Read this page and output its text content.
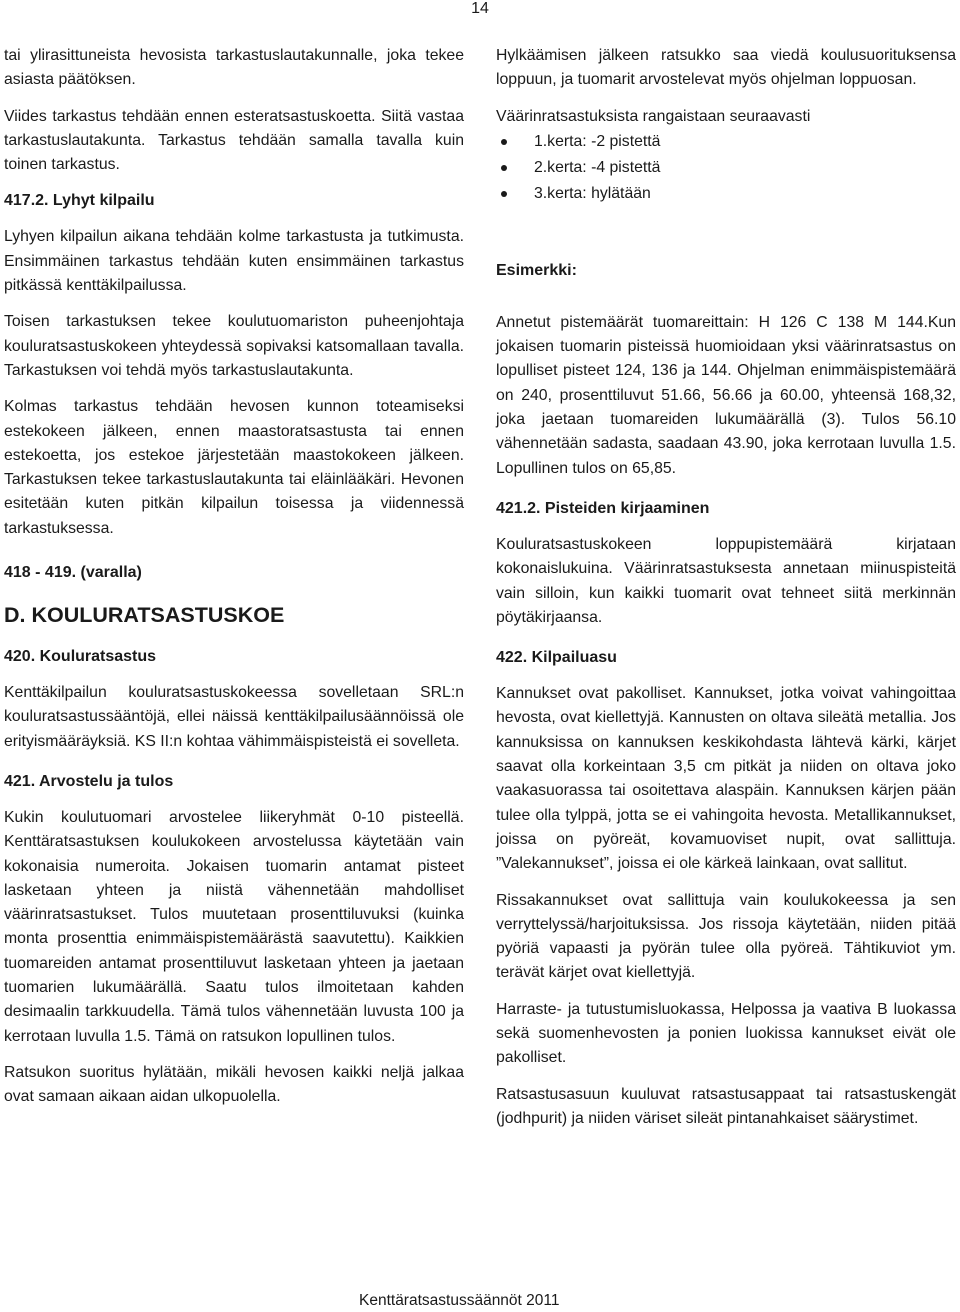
14

tai ylirasittuneista hevosista tarkastuslautakunnalle, joka tekee asiasta päätöksen.

Viides tarkastus tehdään ennen esteratsastuskoetta. Siitä vastaa tarkastuslautakunta. Tarkastus tehdään samalla tavalla kuin toinen tarkastus.

417.2. Lyhyt kilpailu

Lyhyen kilpailun aikana tehdään kolme tarkastusta ja tutkimusta. Ensimmäinen tarkastus tehdään kuten ensimmäinen tarkastus pitkässä kenttäkilpailussa.

Toisen tarkastuksen tekee koulutuomariston puheenjohtaja kouluratsastuskokeen yhteydessä sopivaksi katsomallaan tavalla. Tarkastuksen voi tehdä myös tarkastuslautakunta.

Kolmas tarkastus tehdään hevosen kunnon toteamiseksi estekokeen jälkeen, ennen maastoratsastusta tai ennen estekoetta, jos estekoe järjestetään maastokokeen jälkeen. Tarkastuksen tekee tarkastuslautakunta tai eläinlääkäri. Hevonen esitetään kuten pitkän kilpailun toisessa ja viidennessä tarkastuksessa.

418 - 419. (varalla)
D. KOULURATSASTUSKOE
420. Kouluratsastus

Kenttäkilpailun kouluratsastuskokeessa sovelletaan SRL:n kouluratsastussääntöjä, ellei näissä kenttäkilpailusäännöissä ole erityismääräyksiä. KS II:n kohtaa vähimmäispisteistä ei sovelleta.

421. Arvostelu ja tulos

Kukin koulutuomari arvostelee liikeryhmät 0-10 pisteellä. Kenttäratsastuksen koulukokeen arvostelussa käytetään vain kokonaisia numeroita. Jokaisen tuomarin antamat pisteet lasketaan yhteen ja niistä vähennetään mahdolliset väärinratsastukset. Tulos muutetaan prosenttiluvuksi (kuinka monta prosenttia enimmäispistemäärästä saavutettu). Kaikkien tuomareiden antamat prosenttiluvut lasketaan yhteen ja jaetaan tuomarien lukumäärällä. Saatu tulos ilmoitetaan kahden desimaalin tarkkuudella. Tämä tulos vähennetään luvusta 100 ja kerrotaan luvulla 1.5. Tämä on ratsukon lopullinen tulos.

Ratsukon suoritus hylätään, mikäli hevosen kaikki neljä jalkaa ovat samaan aikaan aidan ulkopuolella.

Hylkäämisen jälkeen ratsukko saa viedä koulusuorituksensa loppuun, ja tuomarit arvostelevat myös ohjelman loppuosan.

Väärinratsastuksista rangaistaan seuraavasti

1.kerta: -2 pistettä
2.kerta: -4 pistettä
3.kerta: hylätään
Esimerkki:

Annetut pistemäärät tuomareittain: H 126 C 138 M 144.Kun jokaisen tuomarin pisteissä huomioidaan yksi väärinratsastus on lopulliset pisteet 124, 136 ja 144. Ohjelman enimmäispistemäärä on 240, prosenttiluvut 51.66, 56.66 ja 60.00, yhteensä 168,32, joka jaetaan tuomareiden lukumäärällä (3). Tulos 56.10 vähennetään sadasta, saadaan 43.90, joka kerrotaan luvulla 1.5. Lopullinen tulos on 65,85.

421.2. Pisteiden kirjaaminen

Kouluratsastuskokeen loppupistemäärä kirjataan kokonaislukuina. Väärinratsastuksesta annetaan miinuspisteitä vain silloin, kun kaikki tuomarit ovat tehneet siitä merkinnän pöytäkirjaansa.

422. Kilpailuasu

Kannukset ovat pakolliset. Kannukset, jotka voivat vahingoittaa hevosta, ovat kiellettyjä. Kannusten on oltava sileätä metallia. Jos kannuksissa on kannuksen keskikohdasta lähtevä kärki, kärjet saavat olla korkeintaan 3,5 cm pitkät ja niiden on oltava joko vaakasuorassa tai osoitettava alaspäin. Kannuksen kärjen pään tulee olla tylppä, jotta se ei vahingoita hevosta. Metallikannukset, joissa on pyöreät, kovamuoviset nupit, ovat sallittuja. ”Valekannukset”, joissa ei ole kärkeä lainkaan, ovat sallitut.

Rissakannukset ovat sallittuja vain koulukokeessa ja sen verryttelyssä/harjoituksissa. Jos rissoja käytetään, niiden pitää pyöriä vapaasti ja pyörän tulee olla pyöreä. Tähtikuviot ym. terävät kärjet ovat kiellettyjä.

Harraste- ja tutustumisluokassa, Helpossa ja vaativa B luokassa sekä suomenhevosten ja ponien luokissa kannukset eivät ole pakolliset.

Ratsastusasuun kuuluvat ratsastusappaat tai ratsastuskengät (jodhpurit) ja niiden väriset sileät pintanahkaiset säärystimet.

Kenttäratsastussäännöt 2011
